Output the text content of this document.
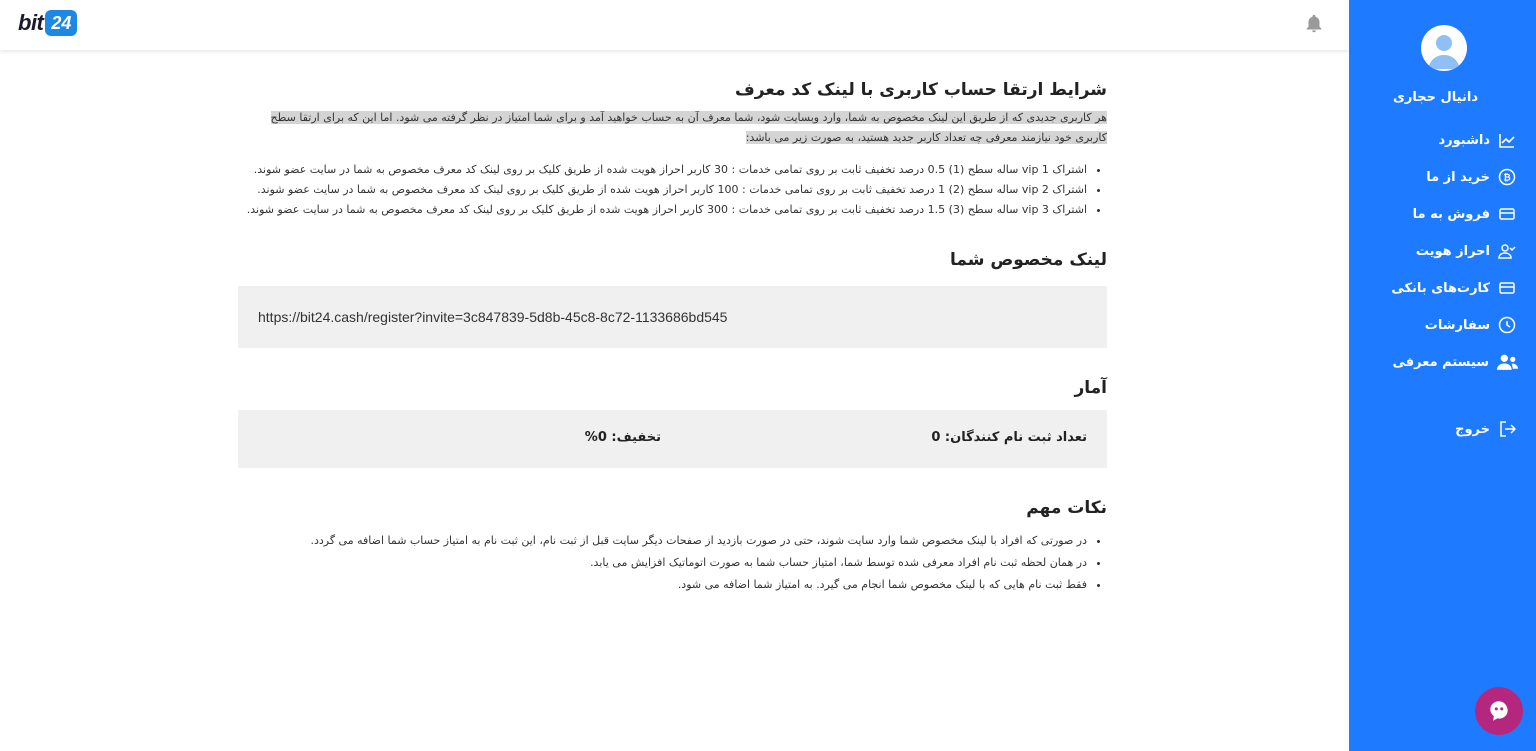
bit 24
دانیال حجاری
داشبورد
₿
خرید از ما
فروش به ما
احراز هویت
کارت‌های بانکی
سفارشات
سیستم معرفی
خروج
شرایط ارتقا حساب کاربری با لینک کد معرف

هر کاربری جدیدی که از طریق این لینک مخصوص به شما، وارد وبسایت شود، شما معرف آن به حساب خواهید آمد و برای شما امتیاز در نظر گرفته می شود. اما این که برای ارتقا سطح کاربری خود نیازمند معرفی چه تعداد کاربر جدید هستید، به صورت زیر می باشد:

• اشتراک vip 1 ساله سطح (1) 0.5 درصد تخفیف ثابت بر روی تمامی خدمات : 30 کاربر احراز هویت شده از طریق کلیک بر روی لینک کد معرف مخصوص به شما در سایت عضو شوند.
• اشتراک vip 2 ساله سطح (2) 1 درصد تخفیف ثابت بر روی تمامی خدمات : 100 کاربر احراز هویت شده از طریق کلیک بر روی لینک کد معرف مخصوص به شما در سایت عضو شوند.
• اشتراک vip 3 ساله سطح (3) 1.5 درصد تخفیف ثابت بر روی تمامی خدمات : 300 کاربر احراز هویت شده از طریق کلیک بر روی لینک کد معرف مخصوص به شما در سایت عضو شوند.
لینک مخصوص شما
https://bit24.cash/register?invite=3c847839-5d8b-45c8-8c72-1133686bd545
آمار
تعداد ثبت نام کنندگان: 0
تخفیف: 0%
نکات مهم
• در صورتی که افراد با لینک مخصوص شما وارد سایت شوند، حتی در صورت بازدید از صفحات دیگر سایت قبل از ثبت نام، این ثبت نام به امتیاز حساب شما اضافه می گردد.
• در همان لحظه ثبت نام افراد معرفی شده توسط شما، امتیاز حساب شما به صورت اتوماتیک افزایش می یابد.
• فقط ثبت نام هایی که با لینک مخصوص شما انجام می گیرد. به امتیاز شما اضافه می شود.
